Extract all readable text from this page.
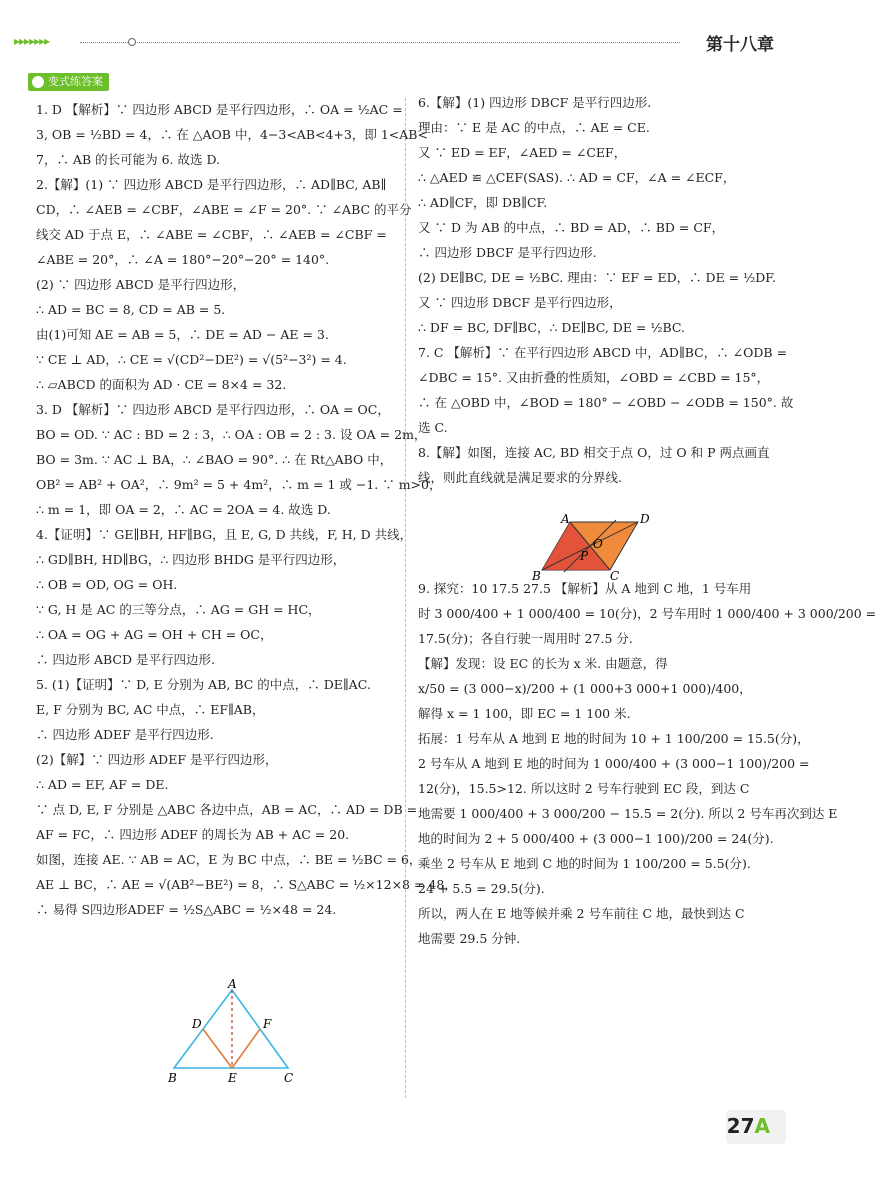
▸▸▸▸▸▸▸	第十八章
变式练答案

1. D 【解析】∵ 四边形 ABCD 是平行四边形，∴ OA = ½AC =

3, OB = ½BD = 4，∴ 在 △AOB 中，4−3<AB<4+3，即 1<AB<

7，∴ AB 的长可能为 6. 故选 D.

2.【解】(1) ∵ 四边形 ABCD 是平行四边形，∴ AD∥BC, AB∥

CD，∴ ∠AEB = ∠CBF，∠ABE = ∠F = 20°. ∵ ∠ABC 的平分

线交 AD 于点 E，∴ ∠ABE = ∠CBF，∴ ∠AEB = ∠CBF =

∠ABE = 20°，∴ ∠A = 180°−20°−20° = 140°.

(2) ∵ 四边形 ABCD 是平行四边形，

∴ AD = BC = 8, CD = AB = 5.

由(1)可知 AE = AB = 5，∴ DE = AD − AE = 3.

∵ CE ⊥ AD，∴ CE = √(CD²−DE²) = √(5²−3²) = 4.

∴ ▱ABCD 的面积为 AD · CE = 8×4 = 32.

3. D 【解析】∵ 四边形 ABCD 是平行四边形，∴ OA = OC，

BO = OD. ∵ AC : BD = 2 : 3，∴ OA : OB = 2 : 3. 设 OA = 2m，

BO = 3m. ∵ AC ⊥ BA，∴ ∠BAO = 90°. ∴ 在 Rt△ABO 中，

OB² = AB² + OA²，∴ 9m² = 5 + 4m²，∴ m = 1 或 −1. ∵ m>0，

∴ m = 1，即 OA = 2，∴ AC = 2OA = 4. 故选 D.

4.【证明】∵ GE∥BH, HF∥BG，且 E, G, D 共线，F, H, D 共线，

∴ GD∥BH, HD∥BG，∴ 四边形 BHDG 是平行四边形，

∴ OB = OD, OG = OH.

∵ G, H 是 AC 的三等分点，∴ AG = GH = HC，

∴ OA = OG + AG = OH + CH = OC，

∴ 四边形 ABCD 是平行四边形.

5. (1)【证明】∵ D, E 分别为 AB, BC 的中点，∴ DE∥AC.

E, F 分别为 BC, AC 中点，∴ EF∥AB，

∴ 四边形 ADEF 是平行四边形.

(2)【解】∵ 四边形 ADEF 是平行四边形，

∴ AD = EF, AF = DE.

∵ 点 D, E, F 分别是 △ABC 各边中点，AB = AC，∴ AD = DB =

AF = FC，∴ 四边形 ADEF 的周长为 AB + AC = 20.

如图，连接 AE. ∵ AB = AC，E 为 BC 中点，∴ BE = ½BC = 6，

AE ⊥ BC，∴ AE = √(AB²−BE²) = 8，∴ S△ABC = ½×12×8 = 48，

∴ 易得 S四边形ADEF = ½S△ABC = ½×48 = 24.

6.【解】(1) 四边形 DBCF 是平行四边形.

理由：∵ E 是 AC 的中点，∴ AE = CE.

又 ∵ ED = EF，∠AED = ∠CEF，

∴ △AED ≌ △CEF(SAS). ∴ AD = CF，∠A = ∠ECF，

∴ AD∥CF，即 DB∥CF.

又 ∵ D 为 AB 的中点，∴ BD = AD，∴ BD = CF，

∴ 四边形 DBCF 是平行四边形.

(2) DE∥BC, DE = ½BC. 理由：∵ EF = ED，∴ DE = ½DF.

又 ∵ 四边形 DBCF 是平行四边形，

∴ DF = BC, DF∥BC，∴ DE∥BC, DE = ½BC.

7. C 【解析】∵ 在平行四边形 ABCD 中，AD∥BC，∴ ∠ODB =

∠DBC = 15°. 又由折叠的性质知，∠OBD = ∠CBD = 15°，

∴ 在 △OBD 中，∠BOD = 180° − ∠OBD − ∠ODB = 150°. 故

选 C.

8.【解】如图，连接 AC, BD 相交于点 O，过 O 和 P 两点画直

线，则此直线就是满足要求的分界线.

9. 探究：10 17.5 27.5 【解析】从 A 地到 C 地，1 号车用

时 3 000/400 + 1 000/400 = 10(分)，2 号车用时 1 000/400 + 3 000/200 =

17.5(分)；各自行驶一周用时 27.5 分.

【解】发现：设 EC 的长为 x 米. 由题意，得

x/50 = (3 000−x)/200 + (1 000+3 000+1 000)/400，

解得 x = 1 100，即 EC = 1 100 米.

拓展：1 号车从 A 地到 E 地的时间为 10 + 1 100/200 = 15.5(分)，

2 号车从 A 地到 E 地的时间为 1 000/400 + (3 000−1 100)/200 =

12(分)，15.5>12. 所以这时 2 号车行驶到 EC 段，到达 C

地需要 1 000/400 + 3 000/200 − 15.5 = 2(分). 所以 2 号车再次到达 E

地的时间为 2 + 5 000/400 + (3 000−1 100)/200 = 24(分).

乘坐 2 号车从 E 地到 C 地的时间为 1 100/200 = 5.5(分).

24 + 5.5 = 29.5(分).

所以，两人在 E 地等候并乘 2 号车前往 C 地，最快到达 C

地需要 29.5 分钟.

A
D	F
B	E	C
A	D
O
P
B	C
27A
